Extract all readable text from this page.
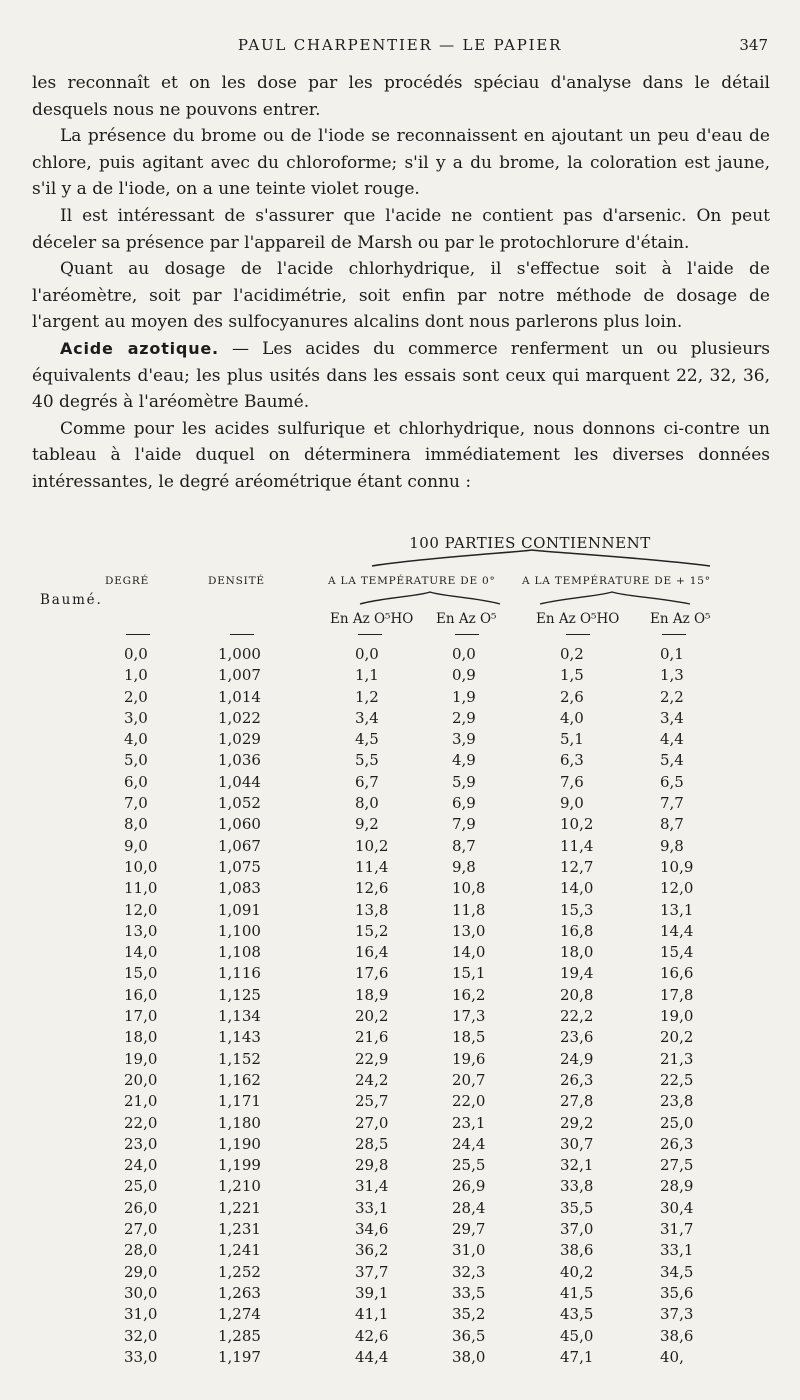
PAUL CHARPENTIER — LE PAPIER	347

les reconnaît et on les dose par les procédés spéciau d'analyse dans le détail desquels nous ne pouvons entrer.

La présence du brome ou de l'iode se reconnaissent en ajoutant un peu d'eau de chlore, puis agitant avec du chloroforme; s'il y a du brome, la coloration est jaune, s'il y a de l'iode, on a une teinte violet rouge.

Il est intéressant de s'assurer que l'acide ne contient pas d'arsenic. On peut déceler sa présence par l'appareil de Marsh ou par le protochlorure d'étain.

Quant au dosage de l'acide chlorhydrique, il s'effectue soit à l'aide de l'aréomètre, soit par l'acidimétrie, soit enfin par notre méthode de dosage de l'argent au moyen des sulfocyanures alcalins dont nous parlerons plus loin.

Acide azotique. — Les acides du commerce renferment un ou plusieurs équivalents d'eau; les plus usités dans les essais sont ceux qui marquent 22, 32, 36, 40 degrés à l'aréomètre Baumé.

Comme pour les acides sulfurique et chlorhydrique, nous donnons ci-contre un tableau à l'aide duquel on déterminera immédiatement les diverses données intéressantes, le degré aréométrique étant connu :

100 PARTIES CONTIENNENT
DEGRÉ
Baumé.
DENSITÉ	A LA TEMPÉRATURE DE 0°	A LA TEMPÉRATURE DE + 15°
En Az O⁵HO En Az O⁵	En Az O⁵HO En Az O⁵
0,0	1,000	0,0	0,0	0,2	0,1
1,0	1,007	1,1	0,9	1,5	1,3
2,0	1,014	1,2	1,9	2,6	2,2
3,0	1,022	3,4	2,9	4,0	3,4
4,0	1,029	4,5	3,9	5,1	4,4
5,0	1,036	5,5	4,9	6,3	5,4
6,0	1,044	6,7	5,9	7,6	6,5
7,0	1,052	8,0	6,9	9,0	7,7
8,0	1,060	9,2	7,9	10,2	8,7
9,0	1,067	10,2	8,7	11,4	9,8
10,0	1,075	11,4	9,8	12,7	10,9
11,0	1,083	12,6	10,8	14,0	12,0
12,0	1,091	13,8	11,8	15,3	13,1
13,0	1,100	15,2	13,0	16,8	14,4
14,0	1,108	16,4	14,0	18,0	15,4
15,0	1,116	17,6	15,1	19,4	16,6
16,0	1,125	18,9	16,2	20,8	17,8
17,0	1,134	20,2	17,3	22,2	19,0
18,0	1,143	21,6	18,5	23,6	20,2
19,0	1,152	22,9	19,6	24,9	21,3
20,0	1,162	24,2	20,7	26,3	22,5
21,0	1,171	25,7	22,0	27,8	23,8
22,0	1,180	27,0	23,1	29,2	25,0
23,0	1,190	28,5	24,4	30,7	26,3
24,0	1,199	29,8	25,5	32,1	27,5
25,0	1,210	31,4	26,9	33,8	28,9
26,0	1,221	33,1	28,4	35,5	30,4
27,0	1,231	34,6	29,7	37,0	31,7
28,0	1,241	36,2	31,0	38,6	33,1
29,0	1,252	37,7	32,3	40,2	34,5
30,0	1,263	39,1	33,5	41,5	35,6
31,0	1,274	41,1	35,2	43,5	37,3
32,0	1,285	42,6	36,5	45,0	38,6
33,0	1,197	44,4	38,0	47,1	40,
